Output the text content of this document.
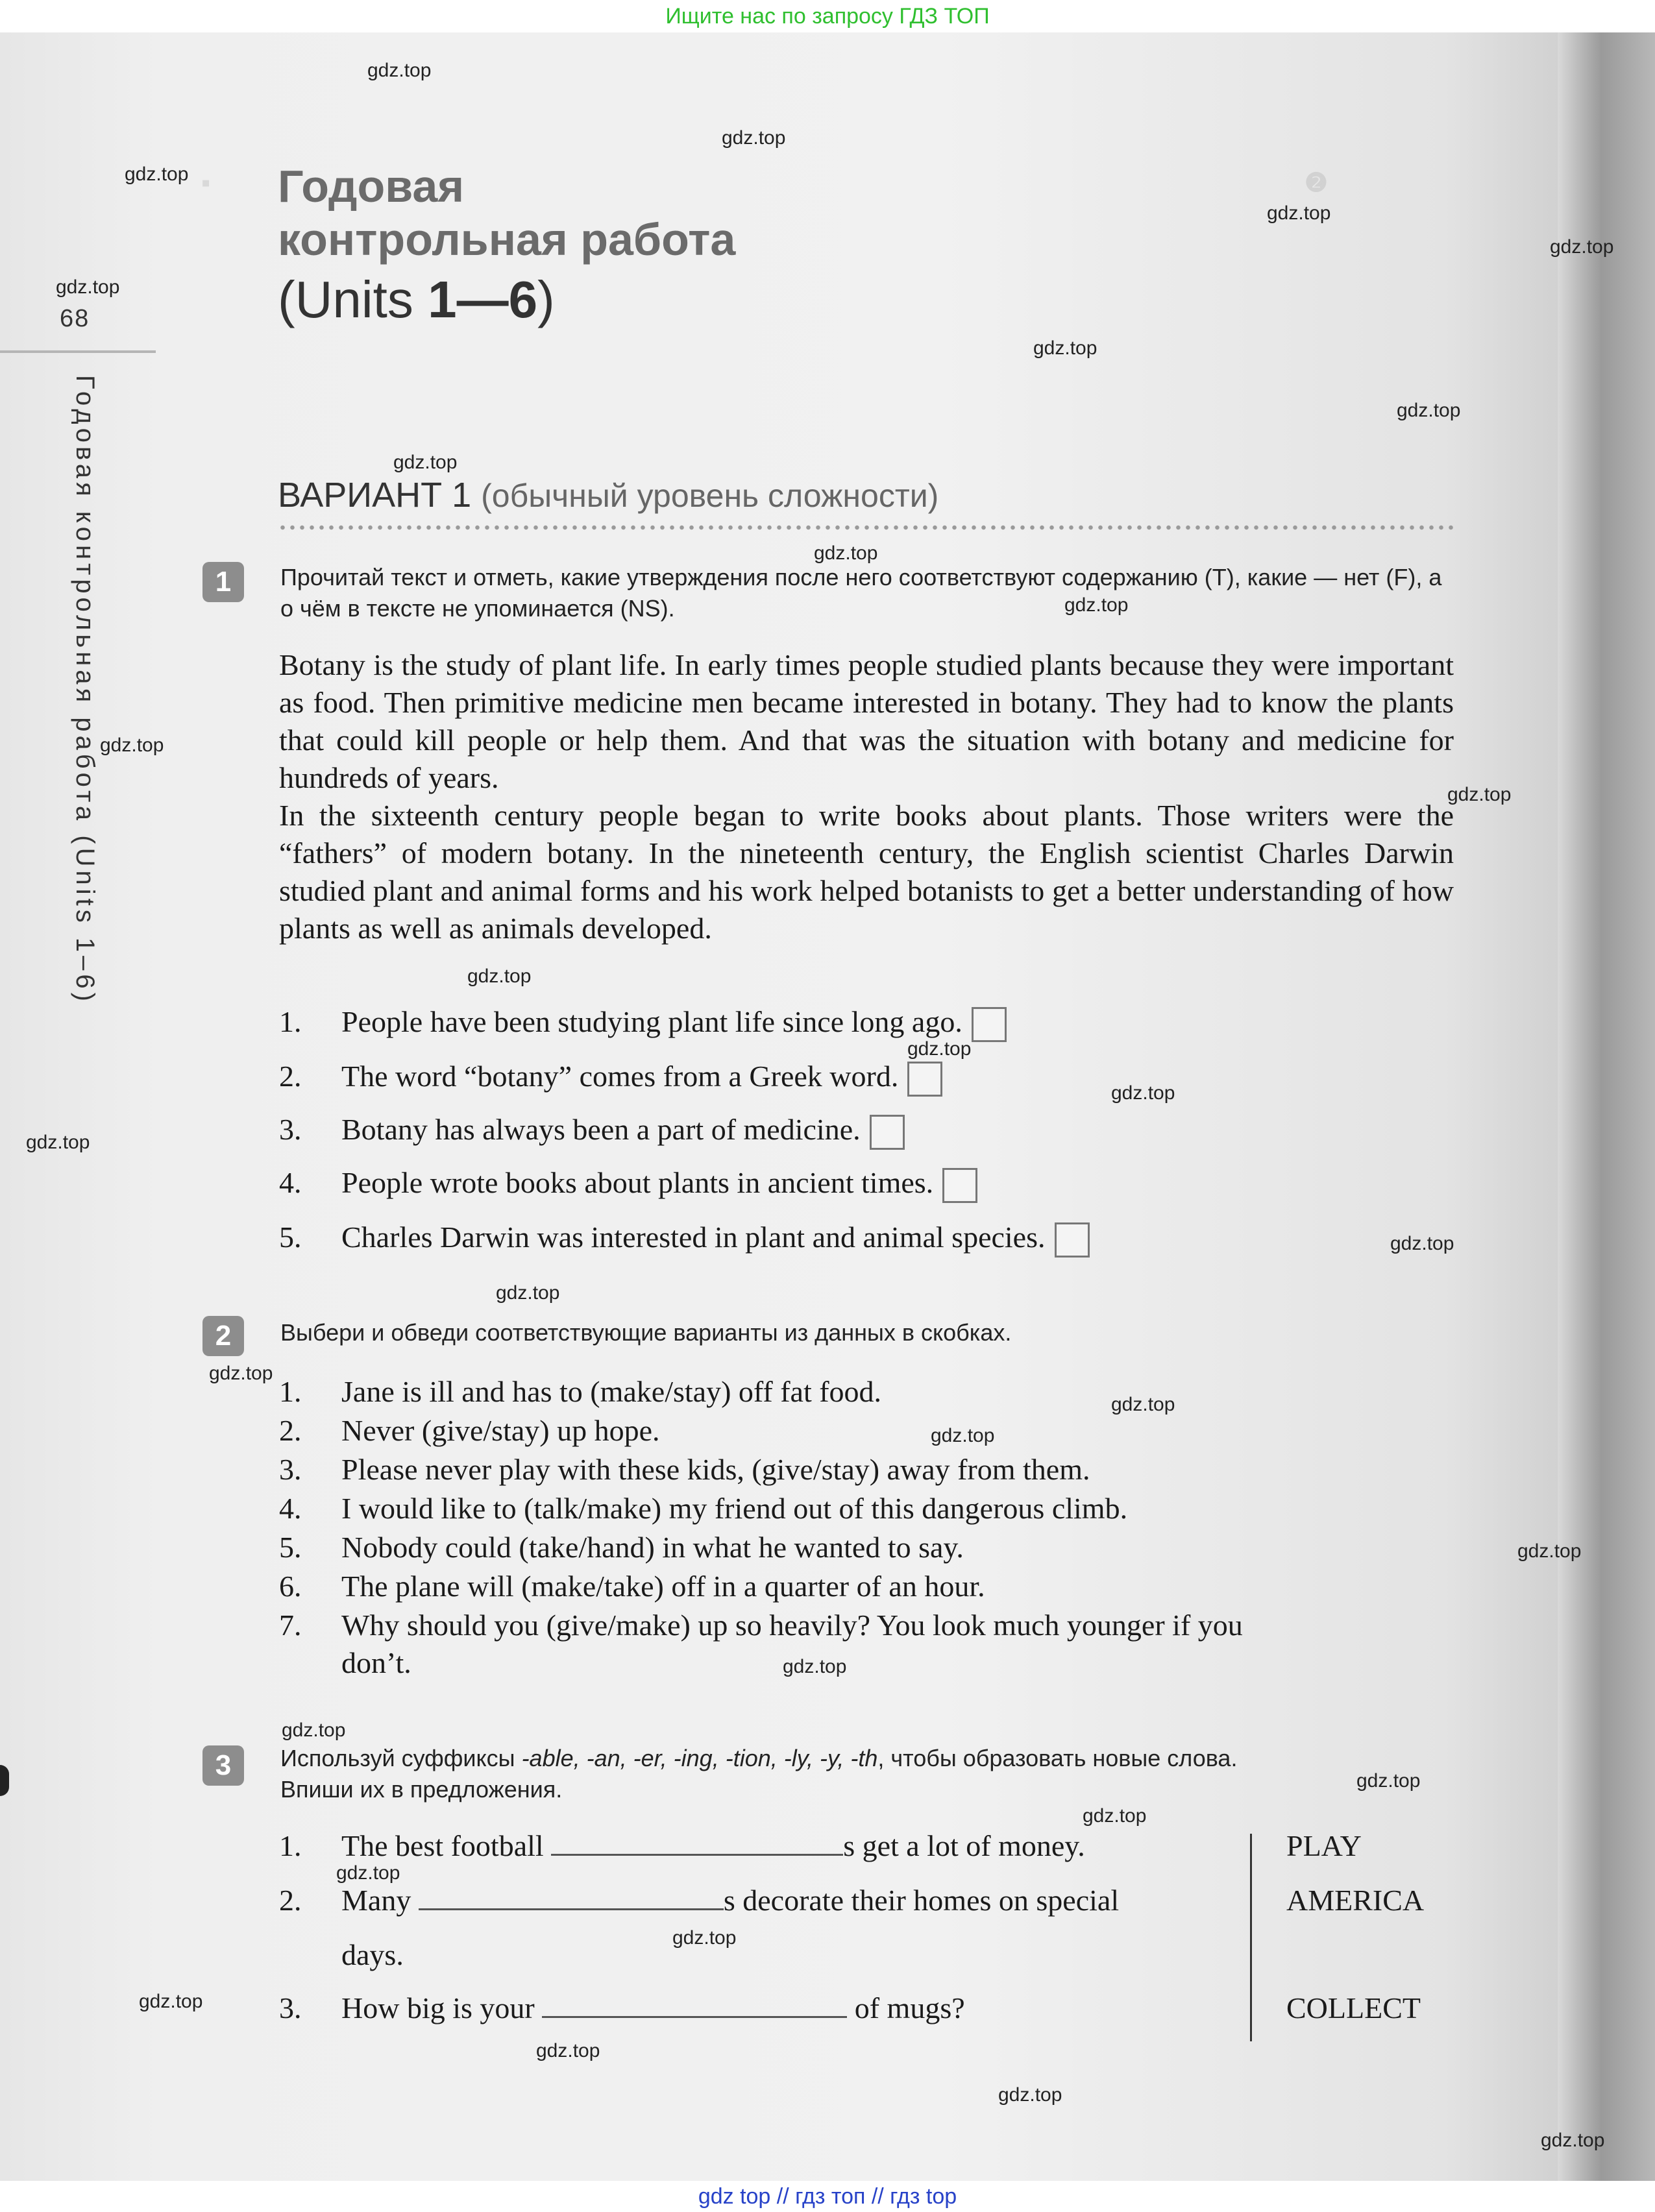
Ищите нас по запросу ГДЗ ТОП
❷
▪
68
Годовая контрольная работа (Units 1–6)
Годовая
контрольная работа
(Units 1—6)
ВАРИАНТ 1 (обычный уровень сложности)
1	Прочитай текст и отметь, какие утверждения после него соответствуют содержанию (T), какие — нет (F), а о чём в тексте не упоминается (NS).

Botany is the study of plant life. In early times people studied plants because they were important as food. Then primitive medicine men became interested in botany. They had to know the plants that could kill people or help them. And that was the situation with botany and medicine for hundreds of years.

In the sixteenth century people began to write books about plants. Those writers were the “fathers” of modern botany. In the nineteenth century, the English scientist Charles Darwin studied plant and animal forms and his work helped botanists to get a better understanding of how plants as well as animals developed.

1. People have been studying plant life since long ago.
2. The word “botany” comes from a Greek word.
3. Botany has always been a part of medicine.
4. People wrote books about plants in ancient times.
5. Charles Darwin was interested in plant and animal species.
2	Выбери и обведи соответствующие варианты из данных в скобках.
1. Jane is ill and has to (make/stay) off fat food.
2. Never (give/stay) up hope.
3. Please never play with these kids, (give/stay) away from them.
4. I would like to (talk/make) my friend out of this dangerous climb.
5. Nobody could (take/hand) in what he wanted to say.
6. The plane will (make/take) off in a quarter of an hour.
7. Why should you (give/make) up so heavily? You look much younger if you
don’t.
3	Используй суффиксы -able, -an, -er, -ing, -tion, -ly, -y, -th, чтобы образовать новые слова.
Впиши их в предложения.
1. The best football	s get a lot of money.	PLAY
2. Many	s decorate their homes on special	AMERICA
days.
3. How big is your	of mugs?	COLLECT
gdz.top
gdz.top
gdz.top
gdz.top
gdz.top
gdz.top
gdz.top
gdz.top
gdz.top
gdz.top
gdz.top
gdz.top
gdz.top
gdz.top
gdz.top
gdz.top
gdz.top
gdz.top
gdz.top
gdz.top
gdz.top
gdz.top
gdz.top
gdz.top
gdz.top
gdz.top
gdz.top
gdz.top
gdz.top
gdz.top
gdz.top
gdz.top
gdz.top
gdz top // гдз топ // гдз top
